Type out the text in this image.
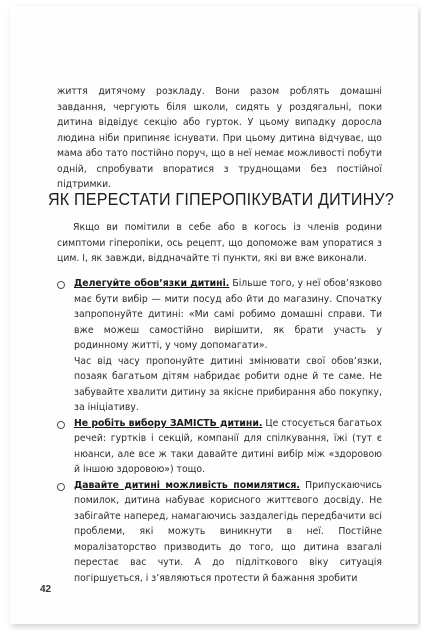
життя дитячому розкладу. Вони разом роблять домашні завдання, чергують біля школи, сидять у роздягальні, поки дитина відвідує секцію або гурток. У цьому випадку доросла людина ніби припиняє існувати. При цьому дитина відчуває, що мама або тато постійно поруч, що в неї немає можливості побути одній, спробувати впоратися з труднощами без постійної підтримки.

ЯК ПЕРЕСТАТИ ГІПЕРОПІКУВАТИ ДИТИНУ?

Якщо ви помітили в себе або в когось із членів родини симптоми гіперопіки, ось рецепт, що допоможе вам упоратися з цим. І, як завжди, віддначайте ті пункти, які ви вже виконали.

Делегуйте обов’язки дитині. Більше того, у неї обов’язково має бути вибір — мити посуд або йти до магазину. Спочатку запропонуйте дитині: «Ми самі робимо домашні справи. Ти вже можеш самостійно вирішити, як брати участь у родинному житті, у чому допомагати».
Час від часу пропонуйте дитині змінювати свої обов’язки, позаяк багатьом дітям набридає робити одне й те саме. Не забувайте хвалити дитину за якісне прибирання або покупку, за ініціативу.
Не робіть вибору ЗАМІСТЬ дитини. Це стосується багатьох речей: гуртків і секцій, компанії для спілкування, їжі (тут є нюанси, але все ж таки давайте дитині вибір між «здоровою й іншою здоровою») тощо.
Давайте дитині можливість помилятися. Припускаючись помилок, дитина набуває корисного життєвого досвіду. Не забігайте наперед, намагаючись заздалегідь передбачити всі проблеми, які можуть виникнути в неї. Постійне моралізаторство призводить до того, що дитина взагалі перестає вас чути. А до підліткового віку ситуація погіршується, і з’являються протести й бажання зробити
42
